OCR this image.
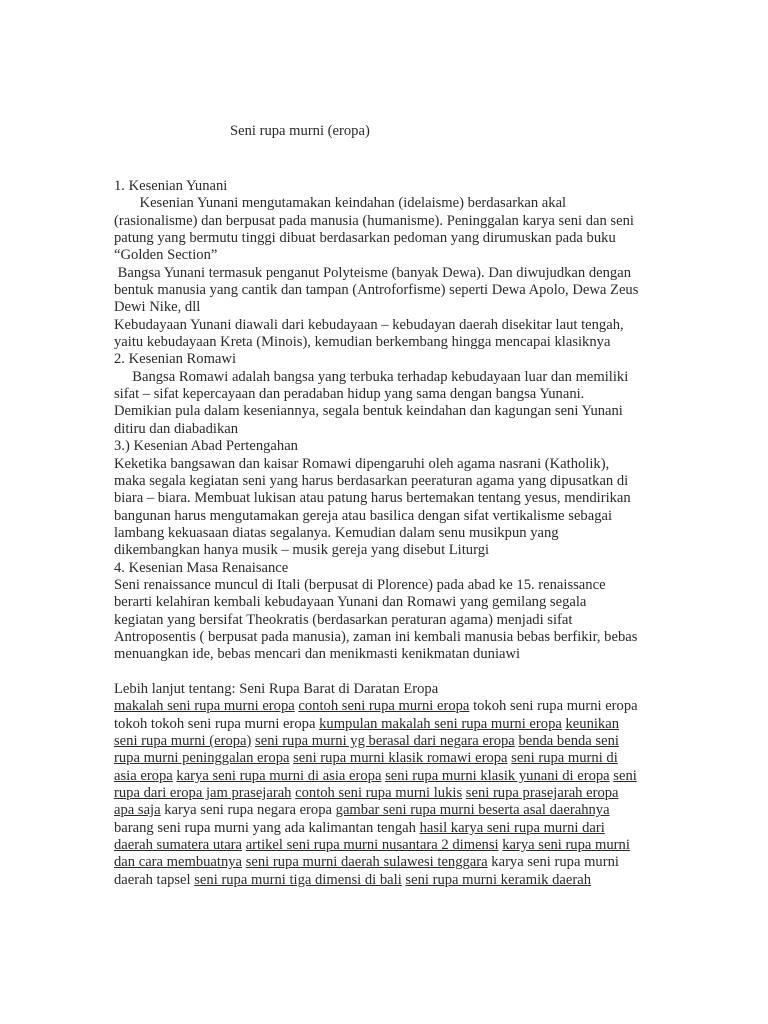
Seni rupa murni (eropa)
1. Kesenian Yunani
Kesenian Yunani mengutamakan keindahan (idelaisme) berdasarkan akal
(rasionalisme) dan berpusat pada manusia (humanisme). Peninggalan karya seni dan seni
patung yang bermutu tinggi dibuat berdasarkan pedoman yang dirumuskan pada buku
“Golden Section”
Bangsa Yunani termasuk penganut Polyteisme (banyak Dewa). Dan diwujudkan dengan
bentuk manusia yang cantik dan tampan (Antroforfisme) seperti Dewa Apolo, Dewa Zeus
Dewi Nike, dll
Kebudayaan Yunani diawali dari kebudayaan – kebudayan daerah disekitar laut tengah,
yaitu kebudayaan Kreta (Minois), kemudian berkembang hingga mencapai klasiknya
2. Kesenian Romawi
Bangsa Romawi adalah bangsa yang terbuka terhadap kebudayaan luar dan memiliki
sifat – sifat kepercayaan dan peradaban hidup yang sama dengan bangsa Yunani.
Demikian pula dalam keseniannya, segala bentuk keindahan dan kagungan seni Yunani
ditiru dan diabadikan
3.) Kesenian Abad Pertengahan
Keketika bangsawan dan kaisar Romawi dipengaruhi oleh agama nasrani (Katholik),
maka segala kegiatan seni yang harus berdasarkan peeraturan agama yang dipusatkan di
biara – biara. Membuat lukisan atau patung harus bertemakan tentang yesus, mendirikan
bangunan harus mengutamakan gereja atau basilica dengan sifat vertikalisme sebagai
lambang kekuasaan diatas segalanya. Kemudian dalam senu musikpun yang
dikembangkan hanya musik – musik gereja yang disebut Liturgi
4. Kesenian Masa Renaisance
Seni renaissance muncul di Itali (berpusat di Plorence) pada abad ke 15. renaissance
berarti kelahiran kembali kebudayaan Yunani dan Romawi yang gemilang segala
kegiatan yang bersifat Theokratis (berdasarkan peraturan agama) menjadi sifat
Antroposentis ( berpusat pada manusia), zaman ini kembali manusia bebas berfikir, bebas
menuangkan ide, bebas mencari dan menikmasti kenikmatan duniawi
Lebih lanjut tentang: Seni Rupa Barat di Daratan Eropa
makalah seni rupa murni eropa contoh seni rupa murni eropa tokoh seni rupa murni eropa
tokoh tokoh seni rupa murni eropa kumpulan makalah seni rupa murni eropa keunikan
seni rupa murni (eropa) seni rupa murni yg berasal dari negara eropa benda benda seni
rupa murni peninggalan eropa seni rupa murni klasik romawi eropa seni rupa murni di
asia eropa karya seni rupa murni di asia eropa seni rupa murni klasik yunani di eropa seni
rupa dari eropa jam prasejarah contoh seni rupa murni lukis seni rupa prasejarah eropa
apa saja karya seni rupa negara eropa gambar seni rupa murni beserta asal daerahnya
barang seni rupa murni yang ada kalimantan tengah hasil karya seni rupa murni dari
daerah sumatera utara artikel seni rupa murni nusantara 2 dimensi karya seni rupa murni
dan cara membuatnya seni rupa murni daerah sulawesi tenggara karya seni rupa murni
daerah tapsel seni rupa murni tiga dimensi di bali seni rupa murni keramik daerah
